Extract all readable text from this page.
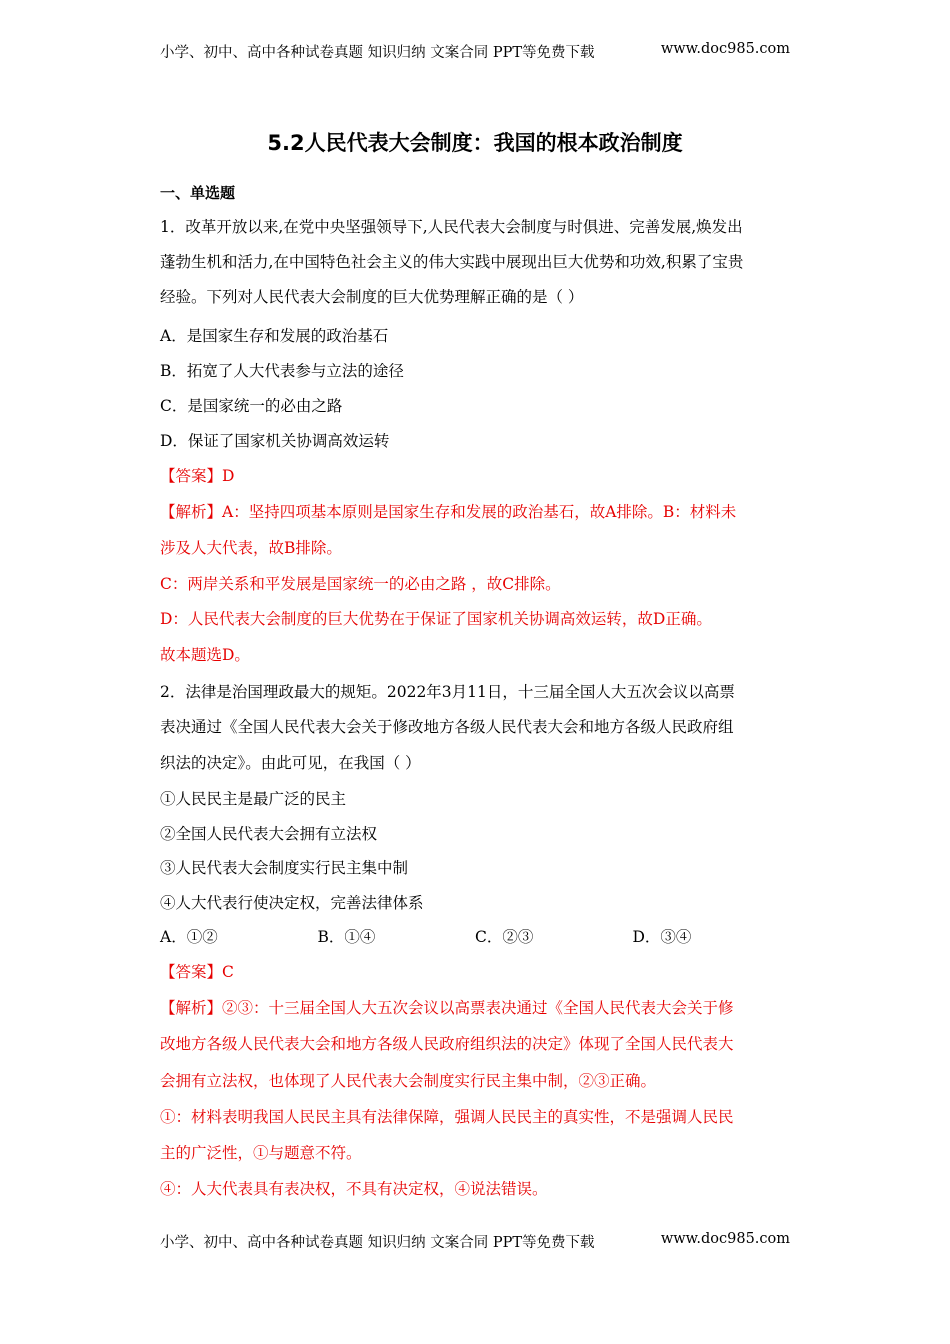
小学、初中、高中各种试卷真题 知识归纳 文案合同 PPT等免费下载	www.doc985.com
5.2人民代表大会制度：我国的根本政治制度
一、单选题
1．改革开放以来,在党中央坚强领导下,人民代表大会制度与时俱进、完善发展,焕发出
蓬勃生机和活力,在中国特色社会主义的伟大实践中展现出巨大优势和功效,积累了宝贵
经验。下列对人民代表大会制度的巨大优势理解正确的是（ ）
A．是国家生存和发展的政治基石
B．拓宽了人大代表参与立法的途径
C．是国家统一的必由之路
D．保证了国家机关协调高效运转
【答案】D
【解析】A：坚持四项基本原则是国家生存和发展的政治基石，故A排除。B：材料未
涉及人大代表，故B排除。
C：两岸关系和平发展是国家统一的必由之路 ，故C排除。
D：人民代表大会制度的巨大优势在于保证了国家机关协调高效运转，故D正确。
故本题选D。
2．法律是治国理政最大的规矩。2022年3月11日，十三届全国人大五次会议以高票
表决通过《全国人民代表大会关于修改地方各级人民代表大会和地方各级人民政府组
织法的决定》。由此可见，在我国（ ）
①人民民主是最广泛的民主
②全国人民代表大会拥有立法权
③人民代表大会制度实行民主集中制
④人大代表行使决定权，完善法律体系
A．①②	B．①④	C．②③	D．③④
【答案】C
【解析】②③：十三届全国人大五次会议以高票表决通过《全国人民代表大会关于修
改地方各级人民代表大会和地方各级人民政府组织法的决定》体现了全国人民代表大
会拥有立法权，也体现了人民代表大会制度实行民主集中制，②③正确。
①：材料表明我国人民民主具有法律保障，强调人民民主的真实性，不是强调人民民
主的广泛性，①与题意不符。
④：人大代表具有表决权，不具有决定权，④说法错误。
小学、初中、高中各种试卷真题 知识归纳 文案合同 PPT等免费下载	www.doc985.com
